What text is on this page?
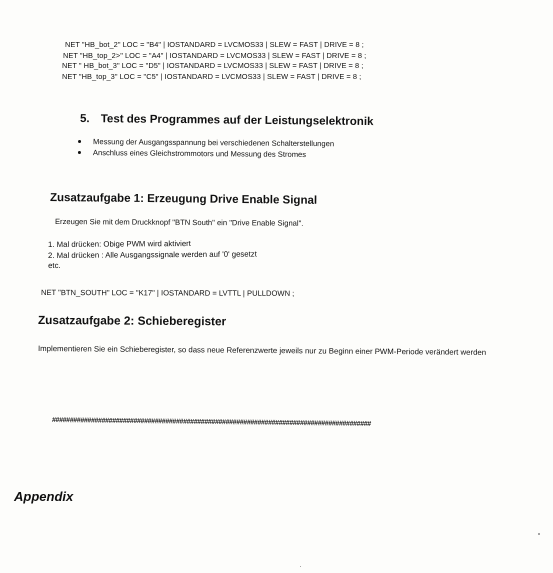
NET "HB_bot_2" LOC = "B4" | IOSTANDARD = LVCMOS33 | SLEW = FAST | DRIVE = 8 ;
NET "HB_top_2>" LOC = "A4" | IOSTANDARD = LVCMOS33 | SLEW = FAST | DRIVE = 8 ;
NET " HB_bot_3" LOC = "D5" | IOSTANDARD = LVCMOS33 | SLEW = FAST | DRIVE = 8 ;
NET "HB_top_3" LOC = "C5" | IOSTANDARD = LVCMOS33 | SLEW = FAST | DRIVE = 8 ;
5. Test des Programmes auf der Leistungselektronik
Messung der Ausgangsspannung bei verschiedenen Schalterstellungen
Anschluss eines Gleichstrommotors und Messung des Stromes
Zusatzaufgabe 1: Erzeugung Drive Enable Signal
Erzeugen Sie mit dem Druckknopf "BTN South" ein "Drive Enable Signal".
1. Mal drücken: Obige PWM wird aktiviert
2. Mal drücken : Alle Ausgangssignale werden auf '0' gesetzt
etc.
NET "BTN_SOUTH" LOC = "K17" | IOSTANDARD = LVTTL | PULLDOWN ;
Zusatzaufgabe 2: Schieberegister
Implementieren Sie ein Schieberegister, so dass neue Referenzwerte jeweils nur zu Beginn einer PWM-Periode verändert werden
##########################################################################################
Appendix
